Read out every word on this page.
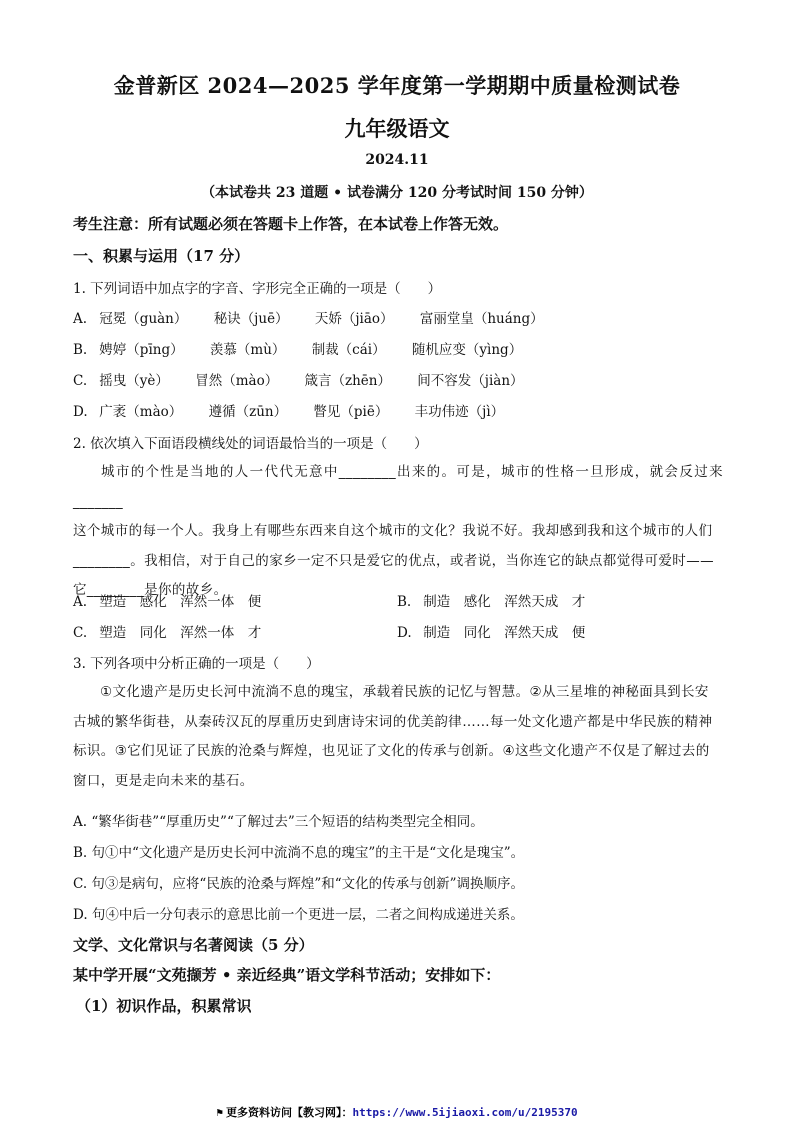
金普新区 2024—2025 学年度第一学期期中质量检测试卷
九年级语文
2024.11
（本试卷共 23 道题 • 试卷满分 120 分考试时间 150 分钟）
考生注意：所有试题必须在答题卡上作答，在本试卷上作答无效。
一、积累与运用（17 分）
1. 下列词语中加点字的字音、字形完全正确的一项是（　　）
A. 冠冕（guàn） 秘诀（juē） 天娇（jiāo） 富丽堂皇（huáng）
B. 娉婷（pīng） 羡慕（mù） 制裁（cái） 随机应变（yìng）
C. 摇曳（yè） 冒然（mào） 箴言（zhēn） 间不容发（jiàn）
D. 广袤（mào） 遵循（zūn） 瞥见（piē） 丰功伟迹（jì）
2. 依次填入下面语段横线处的词语最恰当的一项是（　　）
城市的个性是当地的人一代代无意中________出来的。可是，城市的性格一旦形成，就会反过来_______
这个城市的每一个人。我身上有哪些东西来自这个城市的文化？我说不好。我却感到我和这个城市的人们
________。我相信，对于自己的家乡一定不只是爱它的优点，或者说，当你连它的缺点都觉得可爱时——
它________是你的故乡。
A. 塑造　感化　浑然一体　便	B. 制造　感化　浑然天成　才
C. 塑造　同化　浑然一体　才	D. 制造　同化　浑然天成　便
3. 下列各项中分析正确的一项是（　　）
①文化遗产是历史长河中流淌不息的瑰宝，承载着民族的记忆与智慧。②从三星堆的神秘面具到长安
古城的繁华街巷，从秦砖汉瓦的厚重历史到唐诗宋词的优美韵律……每一处文化遗产都是中华民族的精神
标识。③它们见证了民族的沧桑与辉煌，也见证了文化的传承与创新。④这些文化遗产不仅是了解过去的
窗口，更是走向未来的基石。
A. “繁华街巷”“厚重历史”“了解过去”三个短语的结构类型完全相同。
B. 句①中“文化遗产是历史长河中流淌不息的瑰宝”的主干是“文化是瑰宝”。
C. 句③是病句，应将“民族的沧桑与辉煌”和“文化的传承与创新”调换顺序。
D. 句④中后一分句表示的意思比前一个更进一层，二者之间构成递进关系。
文学、文化常识与名著阅读（5 分）
某中学开展“文苑撷芳 • 亲近经典”语文学科节活动；安排如下：
（1）初识作品，积累常识
⚑ 更多资料访问【教习网】：https://www.5ijiaoxi.com/u/2195370
